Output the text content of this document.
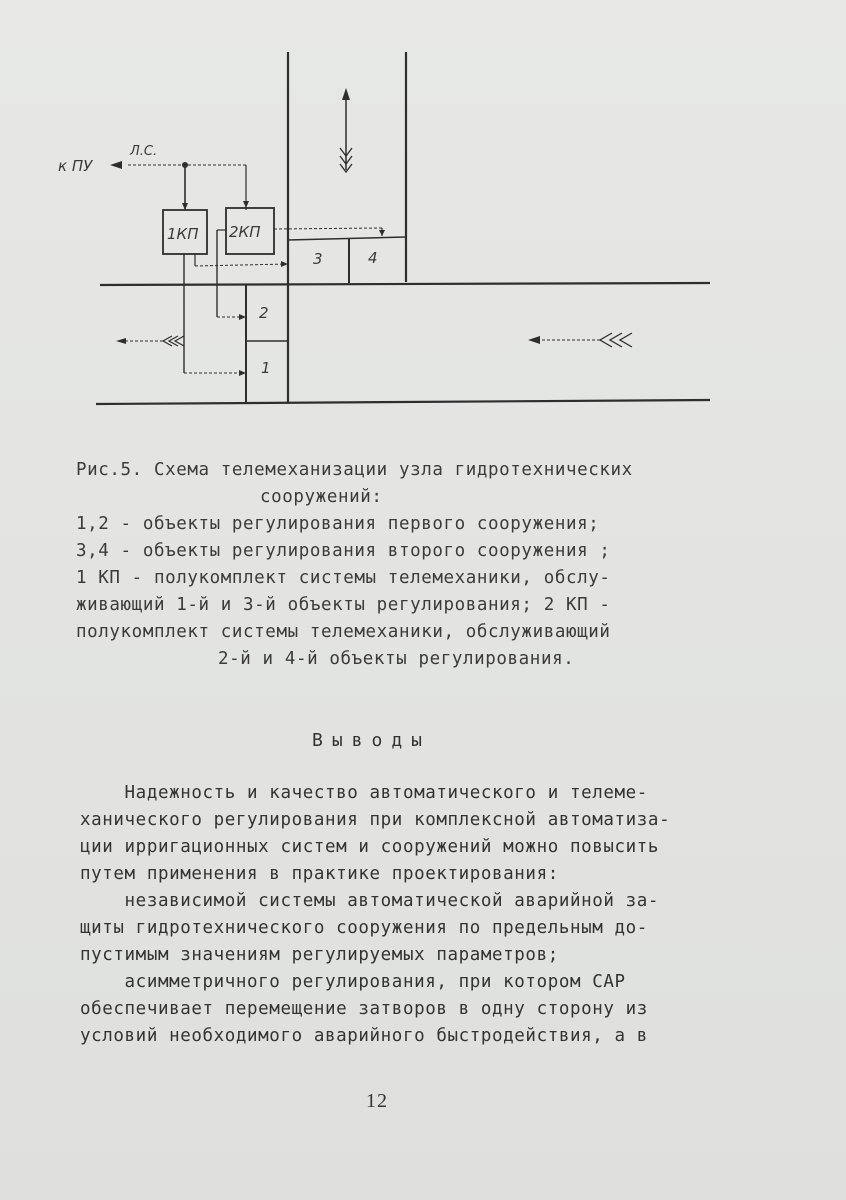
к ПУ
Л.С.
1КП 2КП
1
2
3	4
Рис.5. Схема телемеханизации узла гидротехнических
сооружений:
1,2 - объекты регулирования первого сооружения;
3,4 - объекты регулирования второго сооружения ;
1 КП - полукомплект системы телемеханики, обслу-
живающий 1-й и 3-й объекты регулирования; 2 КП -
полукомплект системы телемеханики, обслуживающий
2-й и 4-й объекты регулирования.
Выводы
Надежность и качество автоматического и телеме-
ханического регулирования при комплексной автоматиза-
ции ирригационных систем и сооружений можно повысить
путем применения в практике проектирования:
независимой системы автоматической аварийной за-
щиты гидротехнического сооружения по предельным до-
пустимым значениям регулируемых параметров;
асимметричного регулирования, при котором САР
обеспечивает перемещение затворов в одну сторону из
условий необходимого аварийного быстродействия, а в
12
